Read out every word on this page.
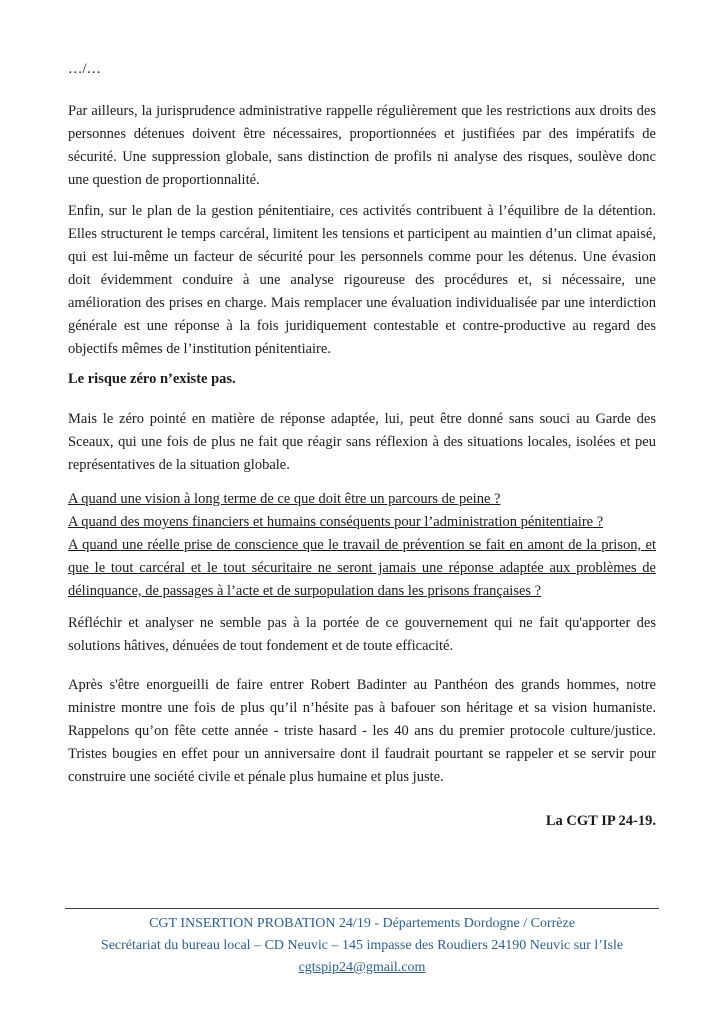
…/…

Par ailleurs, la jurisprudence administrative rappelle régulièrement que les restrictions aux droits des personnes détenues doivent être nécessaires, proportionnées et justifiées par des impératifs de sécurité. Une suppression globale, sans distinction de profils ni analyse des risques, soulève donc une question de proportionnalité.

Enfin, sur le plan de la gestion pénitentiaire, ces activités contribuent à l’équilibre de la détention. Elles structurent le temps carcéral, limitent les tensions et participent au maintien d’un climat apaisé, qui est lui-même un facteur de sécurité pour les personnels comme pour les détenus. Une évasion doit évidemment conduire à une analyse rigoureuse des procédures et, si nécessaire, une amélioration des prises en charge. Mais remplacer une évaluation individualisée par une interdiction générale est une réponse à la fois juridiquement contestable et contre-productive au regard des objectifs mêmes de l’institution pénitentiaire.

Le risque zéro n’existe pas.

Mais le zéro pointé en matière de réponse adaptée, lui, peut être donné sans souci au Garde des Sceaux, qui une fois de plus ne fait que réagir sans réflexion à des situations locales, isolées et peu représentatives de la situation globale.

A quand une vision à long terme de ce que doit être un parcours de peine ?

A quand des moyens financiers et humains conséquents pour l’administration pénitentiaire ?

A quand une réelle prise de conscience que le travail de prévention se fait en amont de la prison, et que le tout carcéral et le tout sécuritaire ne seront jamais une réponse adaptée aux problèmes de délinquance, de passages à l’acte et de surpopulation dans les prisons françaises ?

Réfléchir et analyser ne semble pas à la portée de ce gouvernement qui ne fait qu'apporter des solutions hâtives, dénuées de tout fondement et de toute efficacité.

Après s'être enorgueilli de faire entrer Robert Badinter au Panthéon des grands hommes, notre ministre montre une fois de plus qu’il n’hésite pas à bafouer son héritage et sa vision humaniste. Rappelons qu’on fête cette année - triste hasard - les 40 ans du premier protocole culture/justice. Tristes bougies en effet pour un anniversaire dont il faudrait pourtant se rappeler et se servir pour construire une société civile et pénale plus humaine et plus juste.

La CGT IP 24-19.

CGT INSERTION PROBATION 24/19 - Départements Dordogne / Corrèze
Secrétariat du bureau local – CD Neuvic – 145 impasse des Roudiers 24190 Neuvic sur l’Isle
cgtspip24@gmail.com
